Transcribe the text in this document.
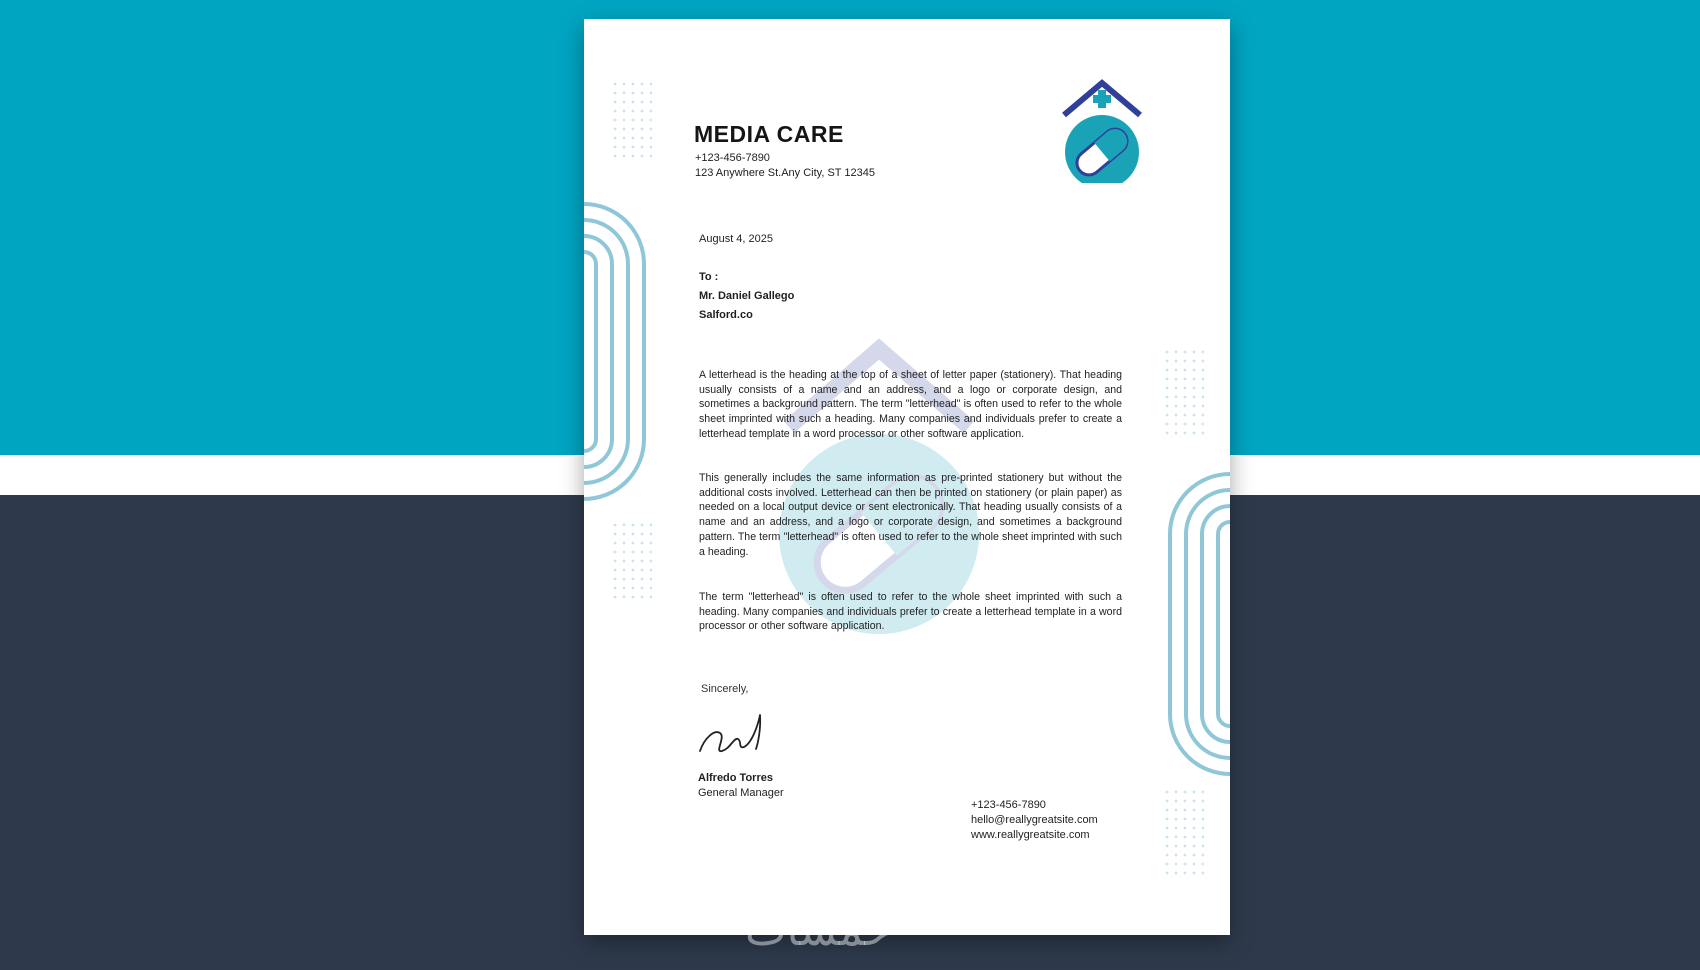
MEDIA CARE
+123-456-7890
123 Anywhere St.Any City, ST 12345
August 4, 2025
To :
Mr. Daniel Gallego
Salford.co

A letterhead is the heading at the top of a sheet of letter paper (stationery). That heading usually consists of a name and an address, and a logo or corporate design, and sometimes a background pattern. The term "letterhead" is often used to refer to the whole sheet imprinted with such a heading. Many companies and individuals prefer to create a letterhead template in a word processor or other software application.

This generally includes the same information as pre-printed stationery but without the additional costs involved. Letterhead can then be printed on stationery (or plain paper) as needed on a local output device or sent electronically. That heading usually consists of a name and an address, and a logo or corporate design, and sometimes a background pattern. The term "letterhead" is often used to refer to the whole sheet imprinted with such a heading.

The term "letterhead" is often used to refer to the whole sheet imprinted with such a heading. Many companies and individuals prefer to create a letterhead template in a word processor or other software application.

Sincerely,
Alfredo Torres
General Manager
+123-456-7890
hello@reallygreatsite.com
www.reallygreatsite.com
خمسات
